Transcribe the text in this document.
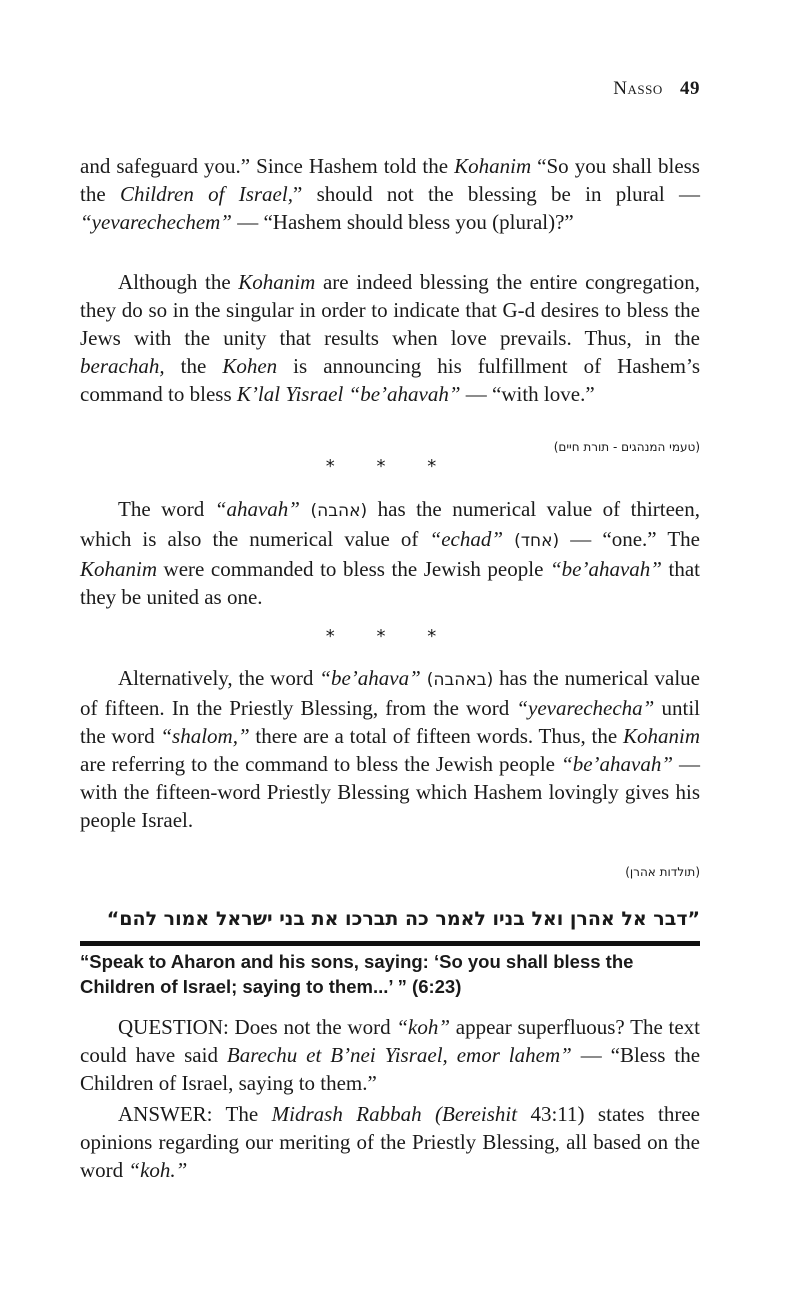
Nasso 49

and safeguard you.” Since Hashem told the Kohanim “So you shall bless the Children of Israel,” should not the blessing be in plural — “yevarechechem” — “Hashem should bless you (plural)?”

Although the Kohanim are indeed blessing the entire congregation, they do so in the singular in order to indicate that G-d desires to bless the Jews with the unity that results when love prevails. Thus, in the berachah, the Kohen is announcing his fulfillment of Hashem’s command to bless K’lal Yisrael “be’ahavah” — “with love.”

(טעמי המנהגים - תורת חיים)
* * *

The word “ahavah” (אהבה) has the numerical value of thirteen, which is also the numerical value of “echad” (אחד) — “one.” The Kohanim were commanded to bless the Jewish people “be’ahavah” that they be united as one.

* * *

Alternatively, the word “be’ahava” (באהבה) has the numerical value of fifteen. In the Priestly Blessing, from the word “yevarechecha” until the word “shalom,” there are a total of fifteen words. Thus, the Kohanim are referring to the command to bless the Jewish people “be’ahavah” — with the fifteen-word Priestly Blessing which Hashem lovingly gives his people Israel.

(תולדות אהרן)
”דבר אל אהרן ואל בניו לאמר כה תברכו את בני ישראל אמור להם“

“Speak to Aharon and his sons, saying: ‘So you shall bless the Children of Israel; saying to them...’ ” (6:23)

QUESTION: Does not the word “koh” appear superfluous? The text could have said Barechu et B’nei Yisrael, emor lahem” — “Bless the Children of Israel, saying to them.”

ANSWER: The Midrash Rabbah (Bereishit 43:11) states three opinions regarding our meriting of the Priestly Blessing, all based on the word “koh.”
